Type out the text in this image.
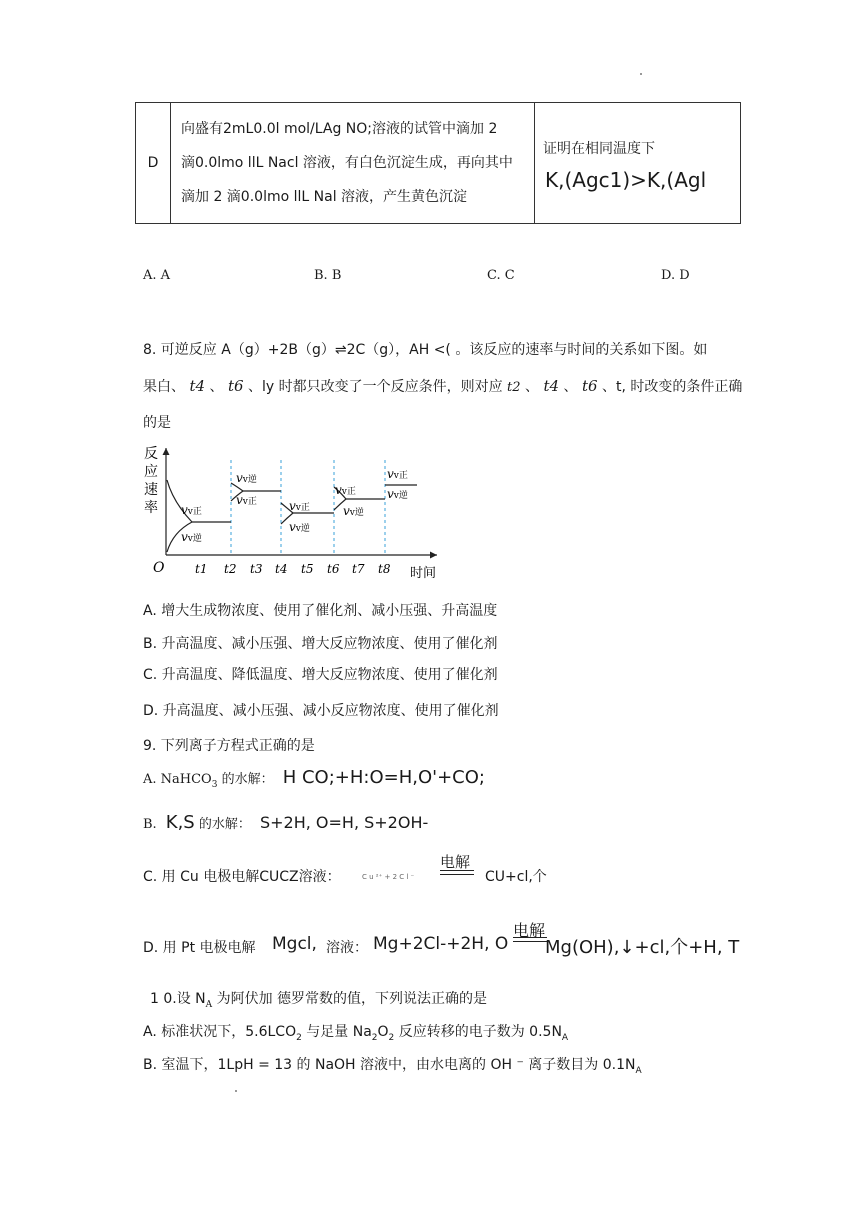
D

向盛有2mL0.0l mol/LAg NO;溶液的试管中滴加 2
滴0.0lmo llL Nacl 溶液，有白色沉淀生成，再向其中
滴加 2 滴0.0lmo llL Nal 溶液，产生黄色沉淀

证明在相同温度下
K,(Agc1)>K,(Agl
A. A	B. B	C. C	D. D
8. 可逆反应 A（g）+2B（g）⇌2C（g），AH <( 。该反应的速率与时间的关系如下图。如
果白、 t4 、 t6 、ly 时都只改变了一个反应条件，则对应 t2 、 t4 、 t6 、t, 时改变的条件正确
的是
反
应
速
率
O	时间
vv正
vv逆
vv逆
vv正	vv正
vv逆
vv正
vv逆
vv正
vv逆
t1 t2 t3 t4 t5 t6 t7 t8
A. 增大生成物浓度、使用了催化剂、减小压强、升高温度
B. 升高温度、减小压强、增大反应物浓度、使用了催化剂
C. 升高温度、降低温度、增大反应物浓度、使用了催化剂
D. 升高温度、减小压强、减小反应物浓度、使用了催化剂
9. 下列离子方程式正确的是
A. NaHCO$_3$ 的水解： H CO;+H:O=H,O'+CO;
B. K,S 的水解： S+2H, O=H, S+2OH-
C. 用 Cu 电极电解CUCZ溶液：	C u ²⁺ + 2 C l ⁻
电解
CU+cl,个
D. 用 Pt 电极电解 Mgcl, 溶液： Mg+2Cl-+2H, O
电解
Mg(OH),↓+cl,个+H, T
1 0.设 $N_A$ 为阿伏加 德罗常数的值，下列说法正确的是
A. 标准状况下，$5.6LCO_2$ 与足量 $Na_2O_2$ 反应转移的电子数为 $0.5N_A$
B. 室温下，1LpH = 13 的 NaOH 溶液中，由水电离的 OH ⁻ 离子数目为 $0.1N_A$
